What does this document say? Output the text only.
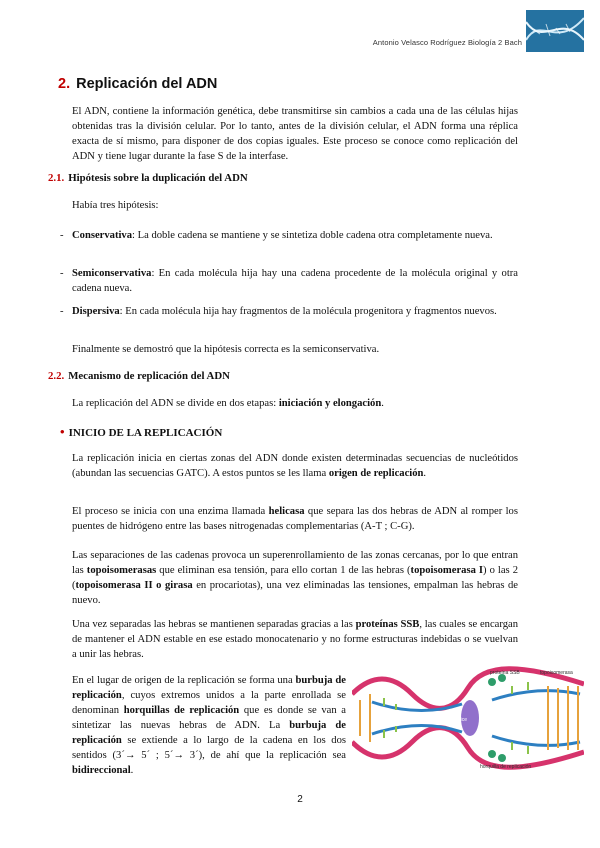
Antonio Velasco Rodríguez Biología 2 Bach
2. Replicación del ADN

El ADN, contiene la información genética, debe transmitirse sin cambios a cada una de las células hijas obtenidas tras la división celular. Por lo tanto, antes de la división celular, el ADN forma una réplica exacta de sí mismo, para disponer de dos copias iguales. Este proceso se conoce como replicación del ADN y tiene lugar durante la fase S de la interfase.

2.1. Hipótesis sobre la duplicación del ADN

Había tres hipótesis:

- Conservativa: La doble cadena se mantiene y se sintetiza doble cadena otra completamente nueva.
- Semiconservativa: En cada molécula hija hay una cadena procedente de la molécula original y otra cadena nueva.
- Dispersiva: En cada molécula hija hay fragmentos de la molécula progenitora y fragmentos nuevos.

Finalmente se demostró que la hipótesis correcta es la semiconservativa.

2.2. Mecanismo de replicación del ADN

La replicación del ADN se divide en dos etapas: iniciación y elongación.

• INICIO DE LA REPLICACIÓN

La replicación inicia en ciertas zonas del ADN donde existen determinadas secuencias de nucleótidos (abundan las secuencias GATC). A estos puntos se les llama origen de replicación.

El proceso se inicia con una enzima llamada helicasa que separa las dos hebras de ADN al romper los puentes de hidrógeno entre las bases nitrogenadas complementarias (A-T ; C-G).

Las separaciones de las cadenas provoca un superenrollamiento de las zonas cercanas, por lo que entran las topoisomerasas que eliminan esa tensión, para ello cortan 1 de las hebras (topoisomerasa I) o las 2 (topoisomerasa II o girasa en procariotas), una vez eliminadas las tensiones, empalman las hebras de nuevo.

Una vez separadas las hebras se mantienen separadas gracias a las proteínas SSB, las cuales se encargan de mantener el ADN estable en ese estado monocatenario y no forme estructuras indebidas o se vuelvan a unir las hebras.

En el lugar de origen de la replicación se forma una burbuja de replicación, cuyos extremos unidos a la parte enrollada se denominan horquillas de replicación que es donde se van a sintetizar las nuevas hebras de ADN. La burbuja de replicación se extiende a lo largo de la cadena en los dos sentidos (3´→ 5´ ; 5´→ 3´), de ahí que la replicación sea bidireccional.

proteína SSB	topoisomerasa
hélice
horquilla de replicación
2
